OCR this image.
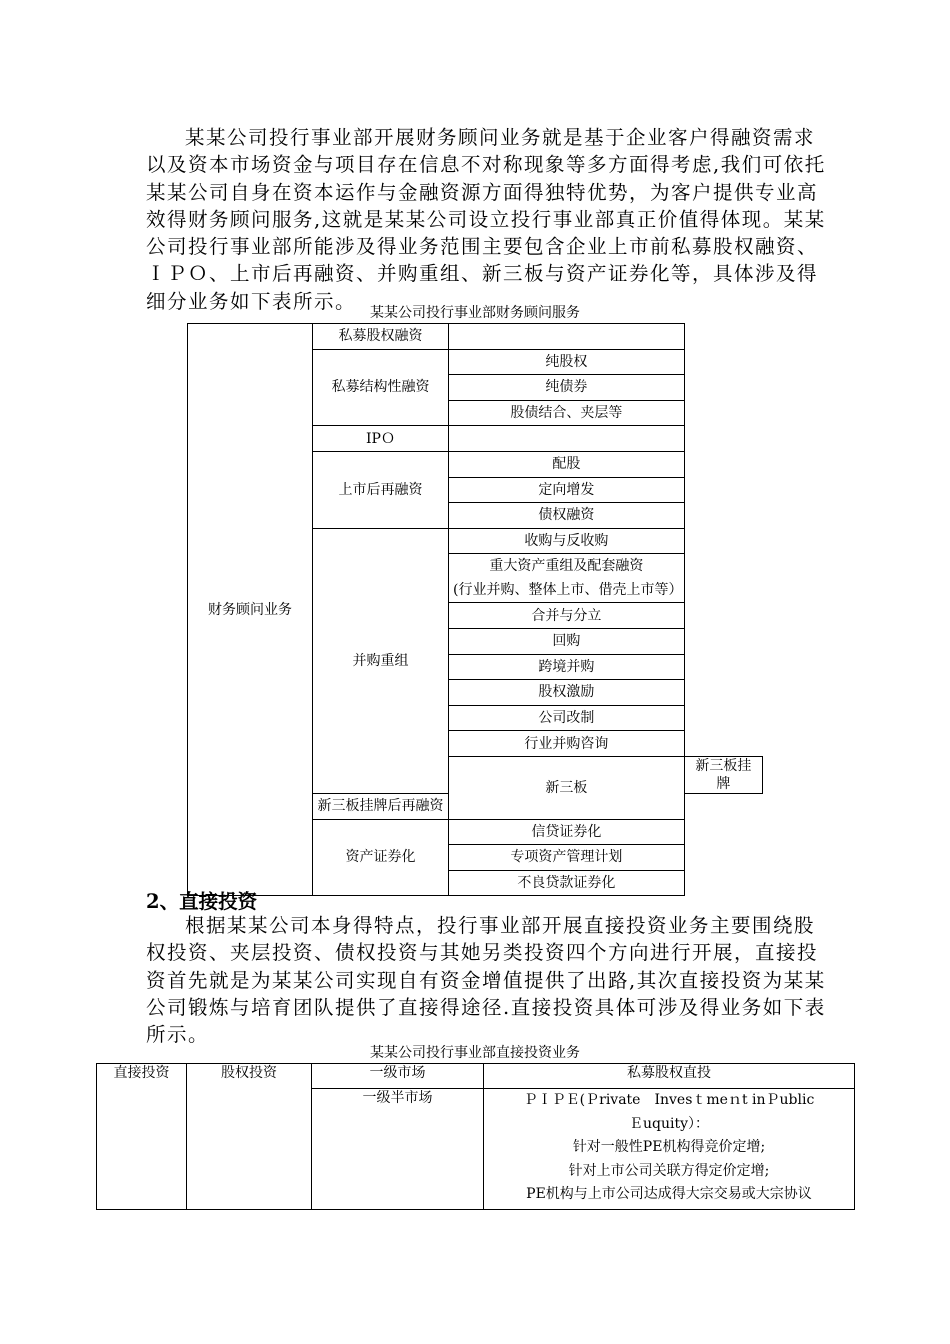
某某公司投行事业部开展财务顾问业务就是基于企业客户得融资需求以及资本市场资金与项目存在信息不对称现象等多方面得考虑,我们可依托某某公司自身在资本运作与金融资源方面得独特优势，为客户提供专业高效得财务顾问服务,这就是某某公司设立投行事业部真正价值得体现。某某公司投行事业部所能涉及得业务范围主要包含企业上市前私募股权融资、ＩＰＯ、上市后再融资、并购重组、新三板与资产证券化等，具体涉及得细分业务如下表所示。

某某公司投行事业部财务顾问服务
财务顾问业务	私募股权融资		
	私募结构性融资	纯股权	
		纯债券	
		股债结合、夹层等	
	IPＯ		
	上市后再融资	配股	
		定向增发	
		债权融资	
	并购重组	收购与反收购	

		重大资产重组及配套融资
(行业并购、整体上市、借壳上市等）	

		合并与分立	
		回购	
		跨境并购	
		股权激励	
		公司改制	
		行业并购咨询	
		新三板	新三板挂牌
	新三板挂牌后再融资		
	资产证券化	信贷证券化	
		专项资产管理计划	
		不良贷款证券化	

2、直接投资

根据某某公司本身得特点，投行事业部开展直接投资业务主要围绕股权投资、夹层投资、债权投资与其她另类投资四个方向进行开展，直接投资首先就是为某某公司实现自有资金增值提供了出路,其次直接投资为某某公司锻炼与培育团队提供了直接得途径.直接投资具体可涉及得业务如下表所示。

某某公司投行事业部直接投资业务
直接投资	股权投资	一级市场	私募股权直投
		一级半市场	ＰＩＰＥ(Ｐrivate　Invesｔmeｎt inＰublic
Ｅuquity）：
针对一般性PE机构得竞价定增;
针对上市公司关联方得定价定增;
PE机构与上市公司达成得大宗交易或大宗协议
